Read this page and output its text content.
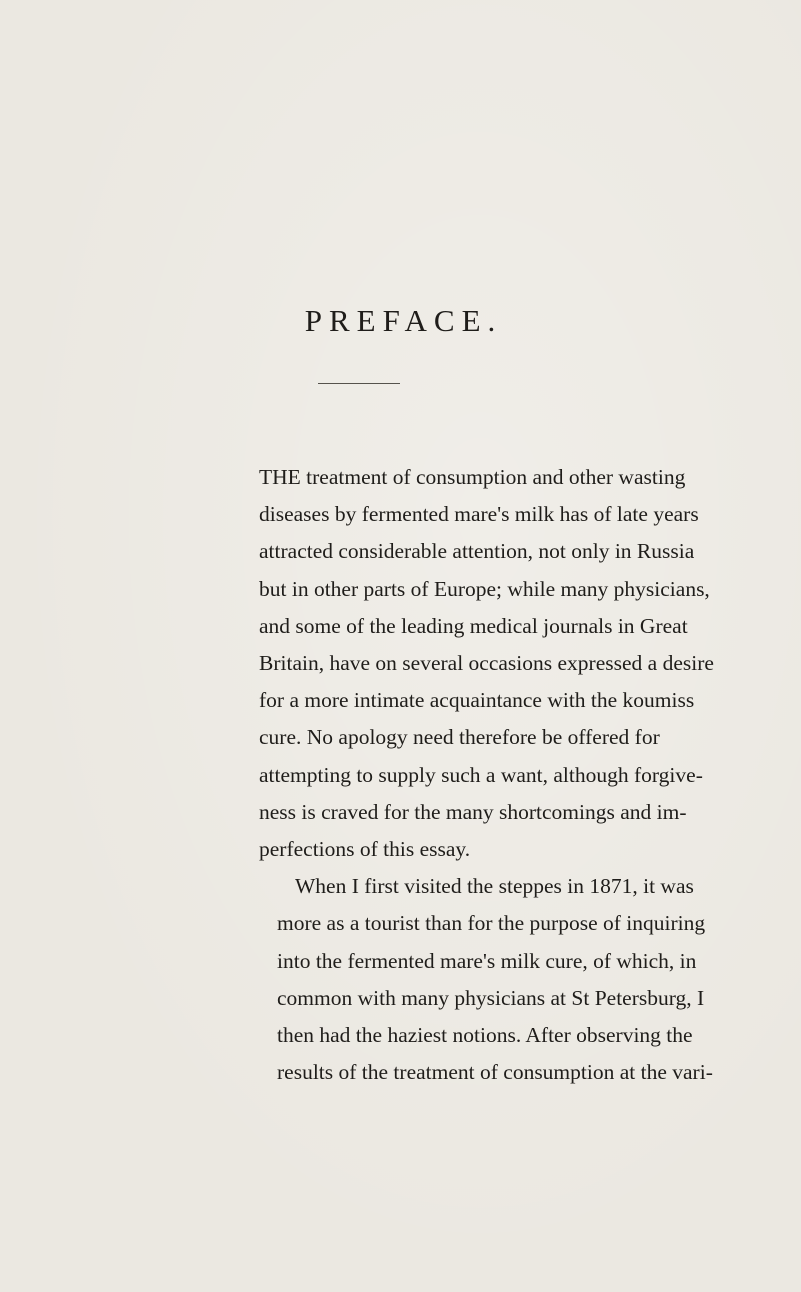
PREFACE.

THE treatment of consumption and other wasting
diseases by fermented mare's milk has of late years
attracted considerable attention, not only in Russia
but in other parts of Europe; while many physicians,
and some of the leading medical journals in Great
Britain, have on several occasions expressed a desire
for a more intimate acquaintance with the koumiss
cure. No apology need therefore be offered for
attempting to supply such a want, although forgive-
ness is craved for the many shortcomings and im-
perfections of this essay.

When I first visited the steppes in 1871, it was
more as a tourist than for the purpose of inquiring
into the fermented mare's milk cure, of which, in
common with many physicians at St Petersburg, I
then had the haziest notions. After observing the
results of the treatment of consumption at the vari-
